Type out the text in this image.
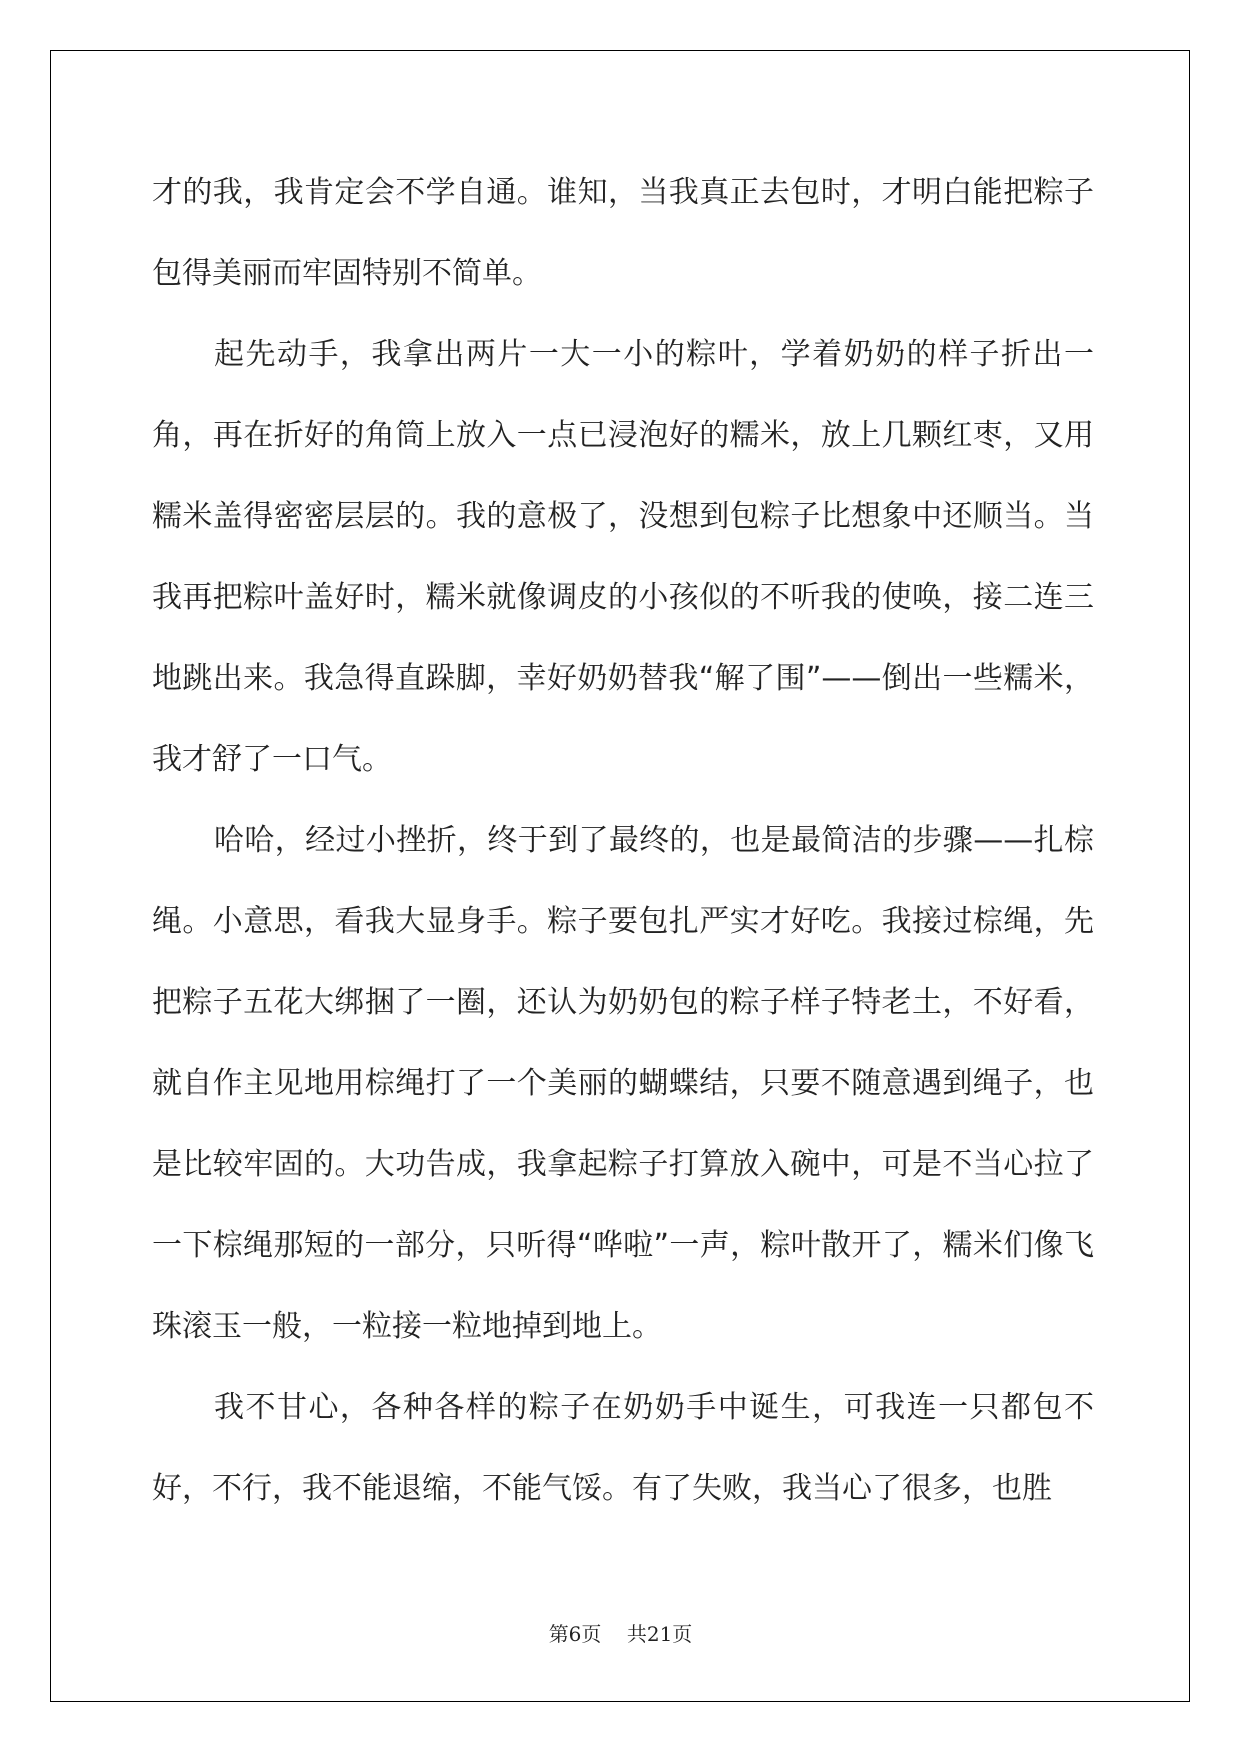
才的我，我肯定会不学自通。谁知，当我真正去包时，才明白能把粽子包得美丽而牢固特别不简单。

起先动手，我拿出两片一大一小的粽叶，学着奶奶的样子折出一角，再在折好的角筒上放入一点已浸泡好的糯米，放上几颗红枣，又用糯米盖得密密层层的。我的意极了，没想到包粽子比想象中还顺当。当我再把粽叶盖好时，糯米就像调皮的小孩似的不听我的使唤，接二连三地跳出来。我急得直跺脚，幸好奶奶替我“解了围”——倒出一些糯米，我才舒了一口气。

哈哈，经过小挫折，终于到了最终的，也是最简洁的步骤——扎棕绳。小意思，看我大显身手。粽子要包扎严实才好吃。我接过棕绳，先把粽子五花大绑捆了一圈，还认为奶奶包的粽子样子特老土，不好看，就自作主见地用棕绳打了一个美丽的蝴蝶结，只要不随意遇到绳子，也是比较牢固的。大功告成，我拿起粽子打算放入碗中，可是不当心拉了一下棕绳那短的一部分，只听得“哗啦”一声，粽叶散开了，糯米们像飞珠滚玉一般，一粒接一粒地掉到地上。

我不甘心，各种各样的粽子在奶奶手中诞生，可我连一只都包不好，不行，我不能退缩，不能气馁。有了失败，我当心了很多，也胜

第6页    共21页
